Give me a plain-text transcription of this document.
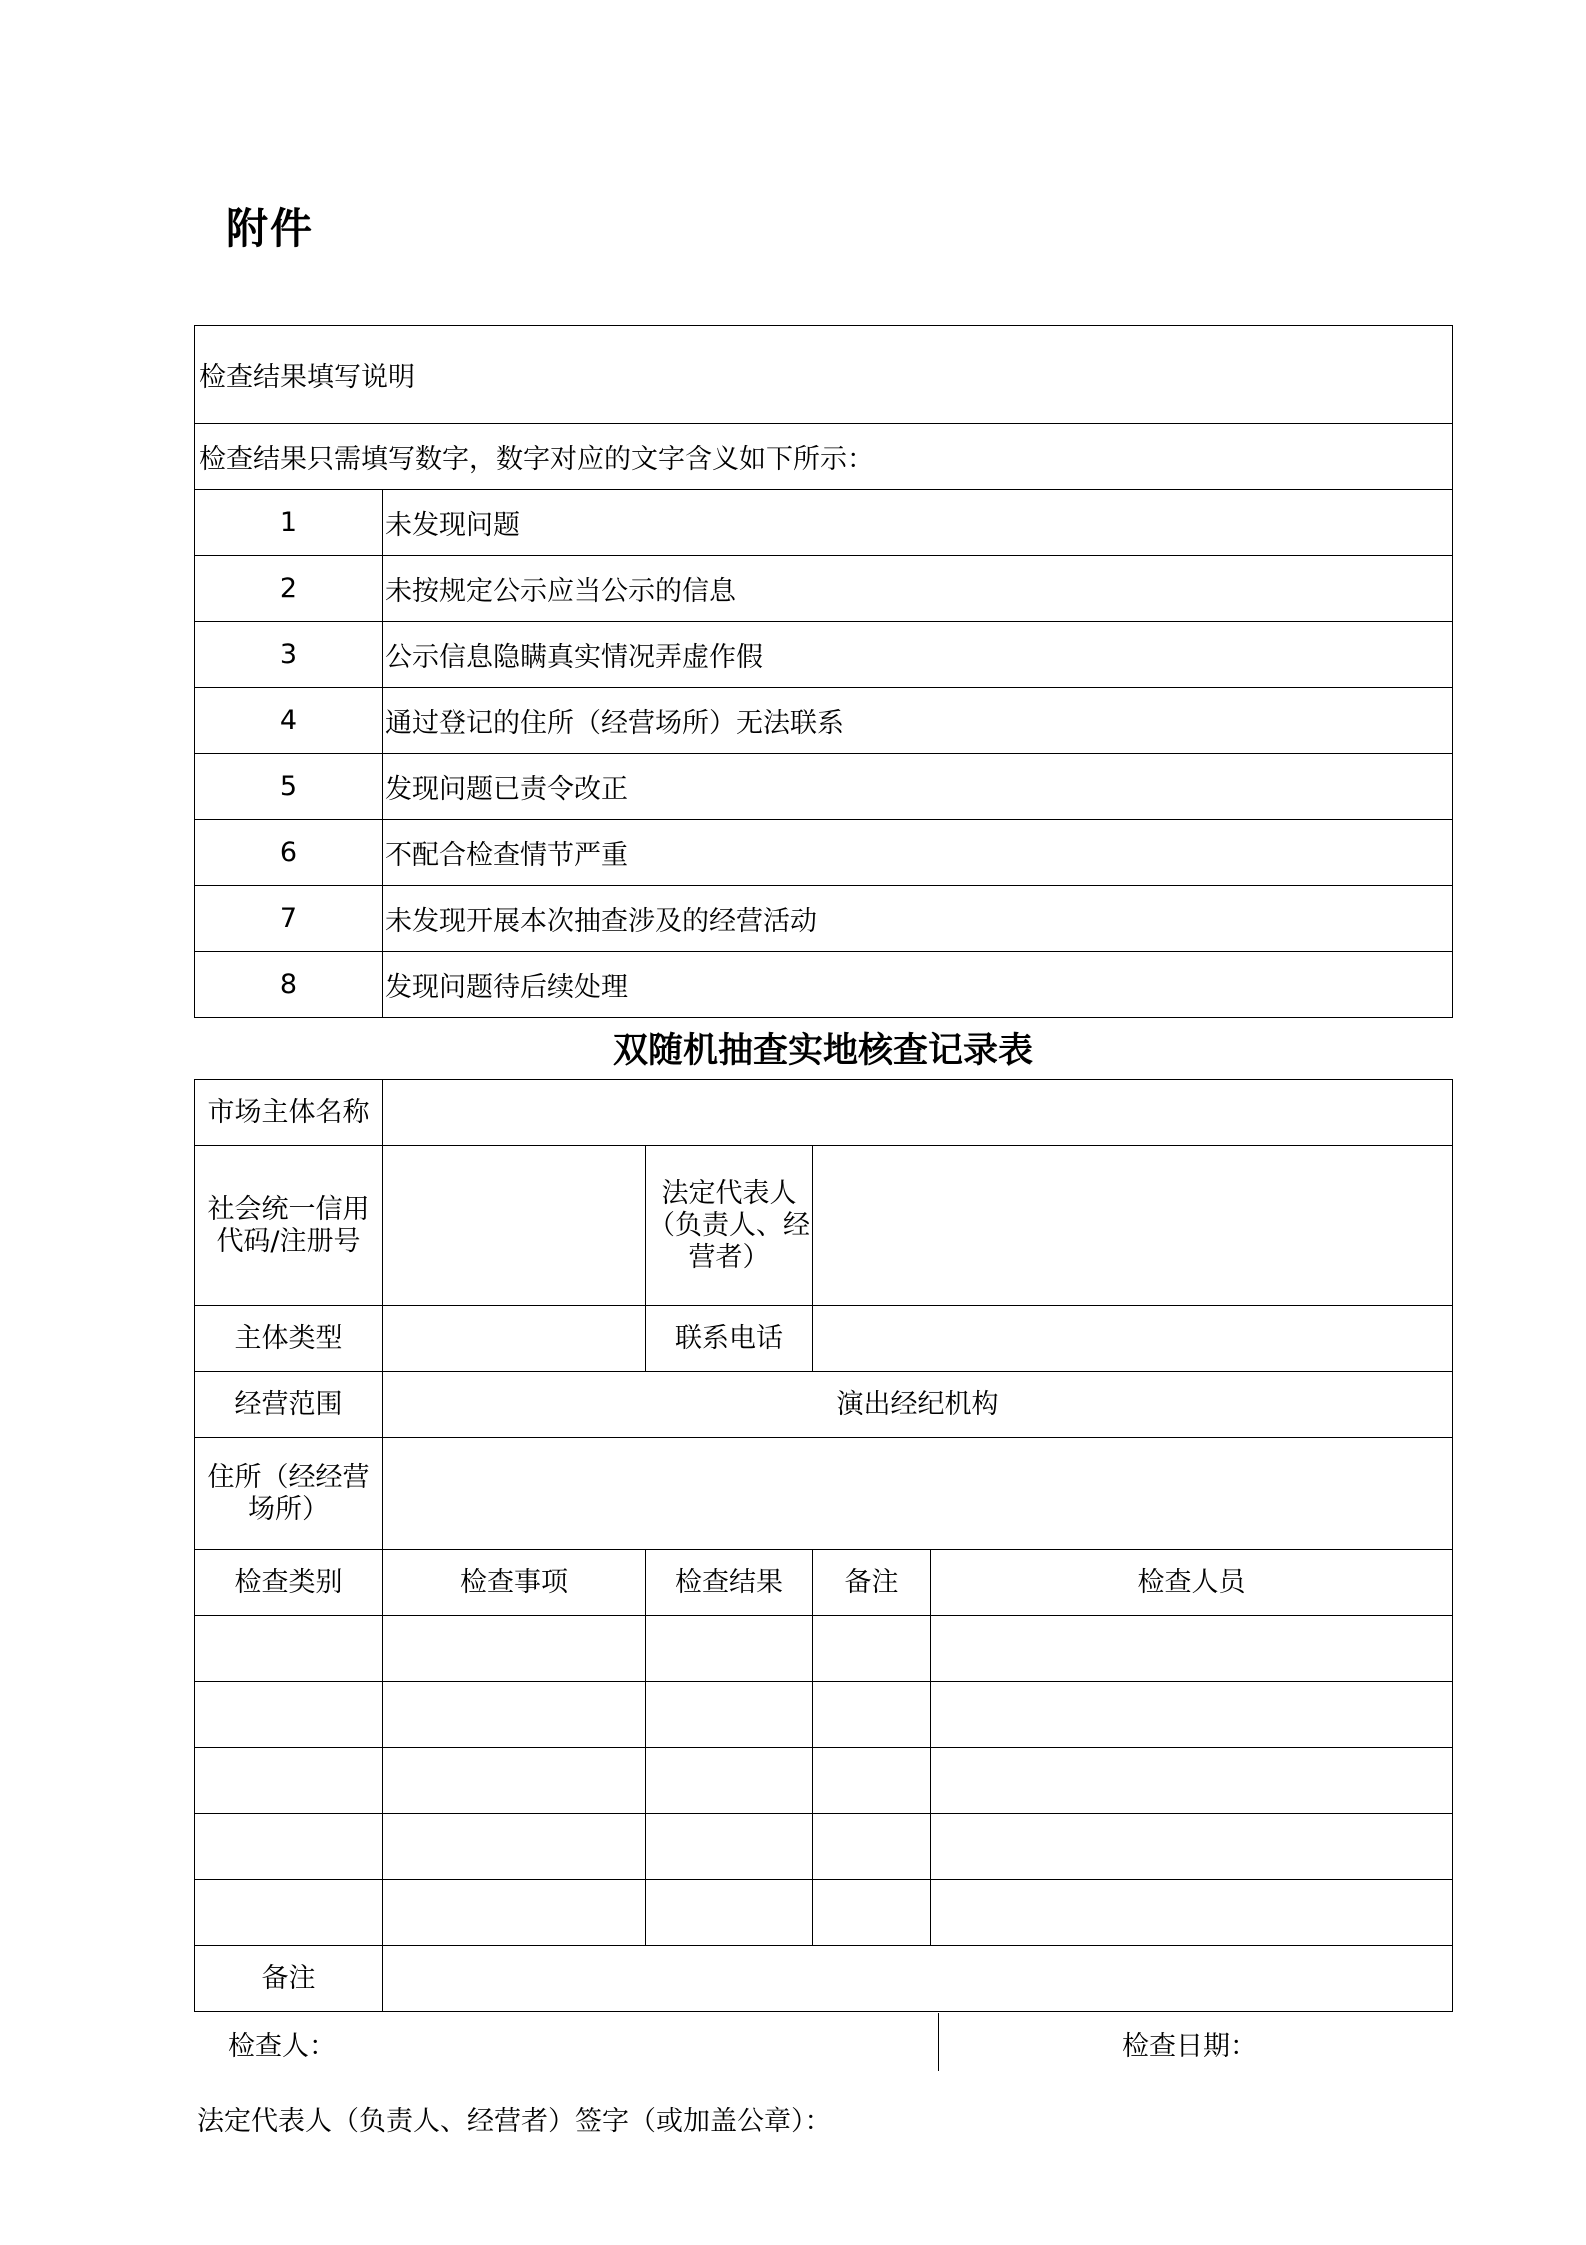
附件
检查结果填写说明	
检查结果只需填写数字，数字对应的文字含义如下所示：	
1	未发现问题
2	未按规定公示应当公示的信息
3	公示信息隐瞒真实情况弄虚作假
4	通过登记的住所（经营场所）无法联系
5	发现问题已责令改正
6	不配合检查情节严重
7	未发现开展本次抽查涉及的经营活动
8	发现问题待后续处理
双随机抽查实地核查记录表
市场主体名称				
社会统一信用代码/注册号		法定代表人（负责人、经营者）		
主体类型		联系电话		
经营范围	演出经纪机构			
住所（经经营场所）				
检查类别	检查事项	检查结果	备注	检查人员

备注				
检查人：	检查日期：
法定代表人（负责人、经营者）签字（或加盖公章）：
